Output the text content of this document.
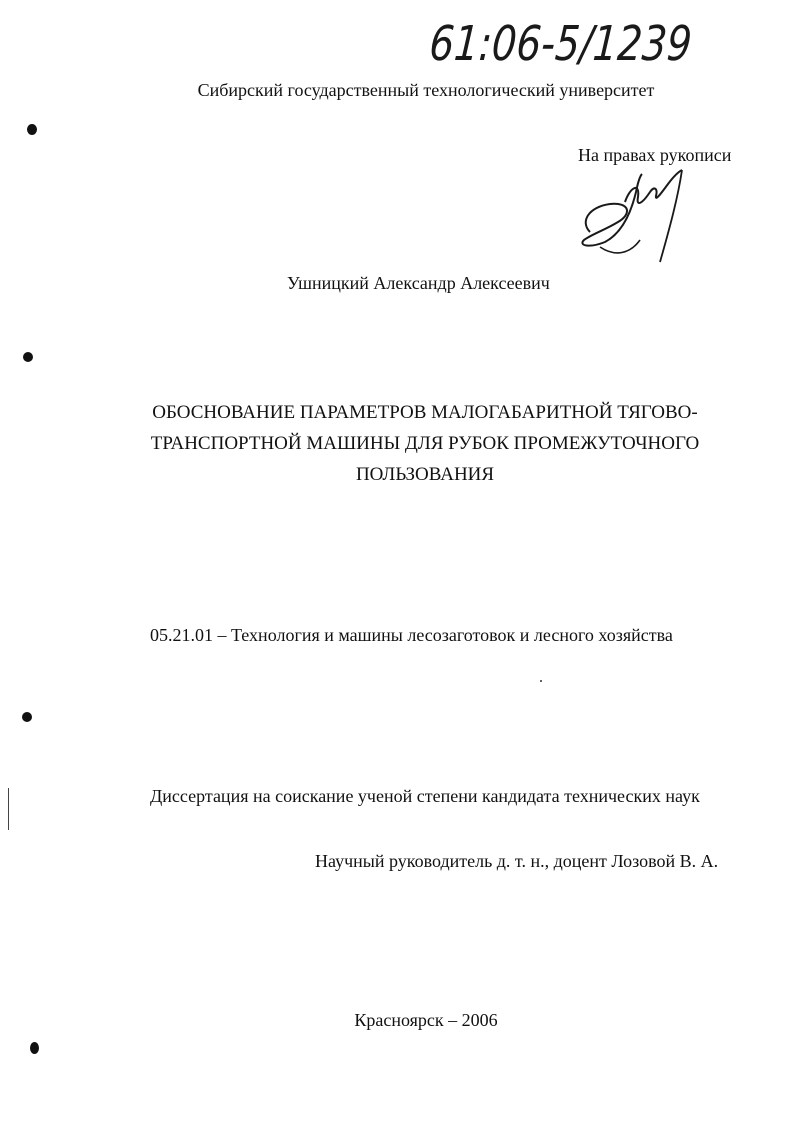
61:06-5/1239

Сибирский государственный технологический университет

На правах рукописи

Ушницкий Александр Алексеевич

ОБОСНОВАНИЕ ПАРАМЕТРОВ МАЛОГАБАРИТНОЙ ТЯГОВО-
ТРАНСПОРТНОЙ МАШИНЫ ДЛЯ РУБОК ПРОМЕЖУТОЧНОГО
ПОЛЬЗОВАНИЯ

05.21.01 – Технология и машины лесозаготовок и лесного хозяйства

Диссертация на соискание ученой степени кандидата технических наук

Научный руководитель д. т. н., доцент Лозовой В. А.

Красноярск – 2006
